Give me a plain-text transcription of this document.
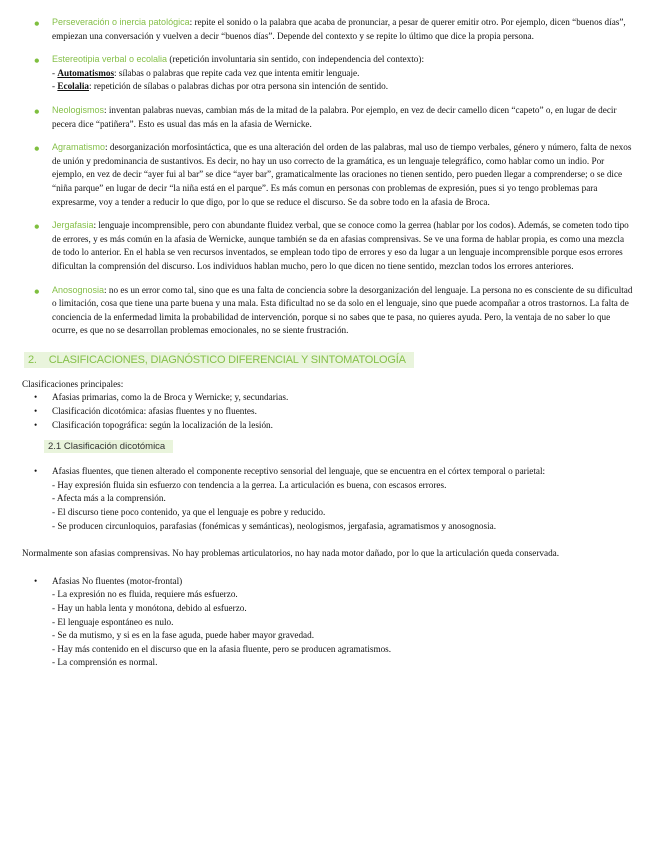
• Perseveración o inercia patológica: repite el sonido o la palabra que acaba de pronunciar, a pesar de querer emitir otro. Por ejemplo, dicen “buenos días”, empiezan una conversación y vuelven a decir “buenos días”. Depende del contexto y se repite lo último que dice la propia persona.

• Estereotipia verbal o ecolalia (repetición involuntaria sin sentido, con independencia del contexto):

- Automatismos: sílabas o palabras que repite cada vez que intenta emitir lenguaje.

- Ecolalia: repetición de sílabas o palabras dichas por otra persona sin intención de sentido.

• Neologismos: inventan palabras nuevas, cambian más de la mitad de la palabra. Por ejemplo, en vez de decir camello dicen “capeto” o, en lugar de decir pecera dice “patiñera”. Esto es usual das más en la afasia de Wernicke.

• Agramatismo: desorganización morfosintáctica, que es una alteración del orden de las palabras, mal uso de tiempo verbales, género y número, falta de nexos de unión y predominancia de sustantivos. Es decir, no hay un uso correcto de la gramática, es un lenguaje telegráfico, como hablar como un indio. Por ejemplo, en vez de decir “ayer fui al bar” se dice “ayer bar”, gramaticalmente las oraciones no tienen sentido, pero pueden llegar a comprenderse; o se dice “niña parque” en lugar de decir “la niña está en el parque”. Es más comun en personas con problemas de expresión, pues si yo tengo problemas para expresarme, voy a tender a reducir lo que digo, por lo que se reduce el discurso. Se da sobre todo en la afasia de Broca.

• Jergafasia: lenguaje incomprensible, pero con abundante fluidez verbal, que se conoce como la gerrea (hablar por los codos). Además, se cometen todo tipo de errores, y es más común en la afasia de Wernicke, aunque también se da en afasias comprensivas. Se ve una forma de hablar propia, es como una mezcla de todo lo anterior. En el habla se ven recursos inventados, se emplean todo tipo de errores y eso da lugar a un lenguaje incomprensible porque esos errores dificultan la comprensión del discurso. Los individuos hablan mucho, pero lo que dicen no tiene sentido, mezclan todos los errores anteriores.

• Anosognosia: no es un error como tal, sino que es una falta de conciencia sobre la desorganización del lenguaje. La persona no es consciente de su dificultad o limitación, cosa que tiene una parte buena y una mala. Esta dificultad no se da solo en el lenguaje, sino que puede acompañar a otros trastornos. La falta de conciencia de la enfermedad limita la probabilidad de intervención, porque si no sabes que te pasa, no quieres ayuda. Pero, la ventaja de no saber lo que ocurre, es que no se desarrollan problemas emocionales, no se siente frustración.

2. CLASIFICACIONES, DIAGNÓSTICO DIFERENCIAL Y SINTOMATOLOGÍA

Clasificaciones principales:

• Afasias primarias, como la de Broca y Wernicke; y, secundarias.
• Clasificación dicotómica: afasias fluentes y no fluentes.
• Clasificación topográfica: según la localización de la lesión.
2.1 Clasificación dicotómica
• Afasias fluentes, que tienen alterado el componente receptivo sensorial del lenguaje, que se encuentra en el córtex temporal o parietal:
- Hay expresión fluida sin esfuerzo con tendencia a la gerrea. La articulación es buena, con escasos errores.
- Afecta más a la comprensión.
- El discurso tiene poco contenido, ya que el lenguaje es pobre y reducido.
- Se producen circunloquios, parafasias (fonémicas y semánticas), neologismos, jergafasia, agramatismos y anosognosia.

Normalmente son afasias comprensivas. No hay problemas articulatorios, no hay nada motor dañado, por lo que la articulación queda conservada.

• Afasias No fluentes (motor-frontal)
- La expresión no es fluida, requiere más esfuerzo.
- Hay un habla lenta y monótona, debido al esfuerzo.
- El lenguaje espontáneo es nulo.
- Se da mutismo, y si es en la fase aguda, puede haber mayor gravedad.
- Hay más contenido en el discurso que en la afasia fluente, pero se producen agramatismos.
- La comprensión es normal.
